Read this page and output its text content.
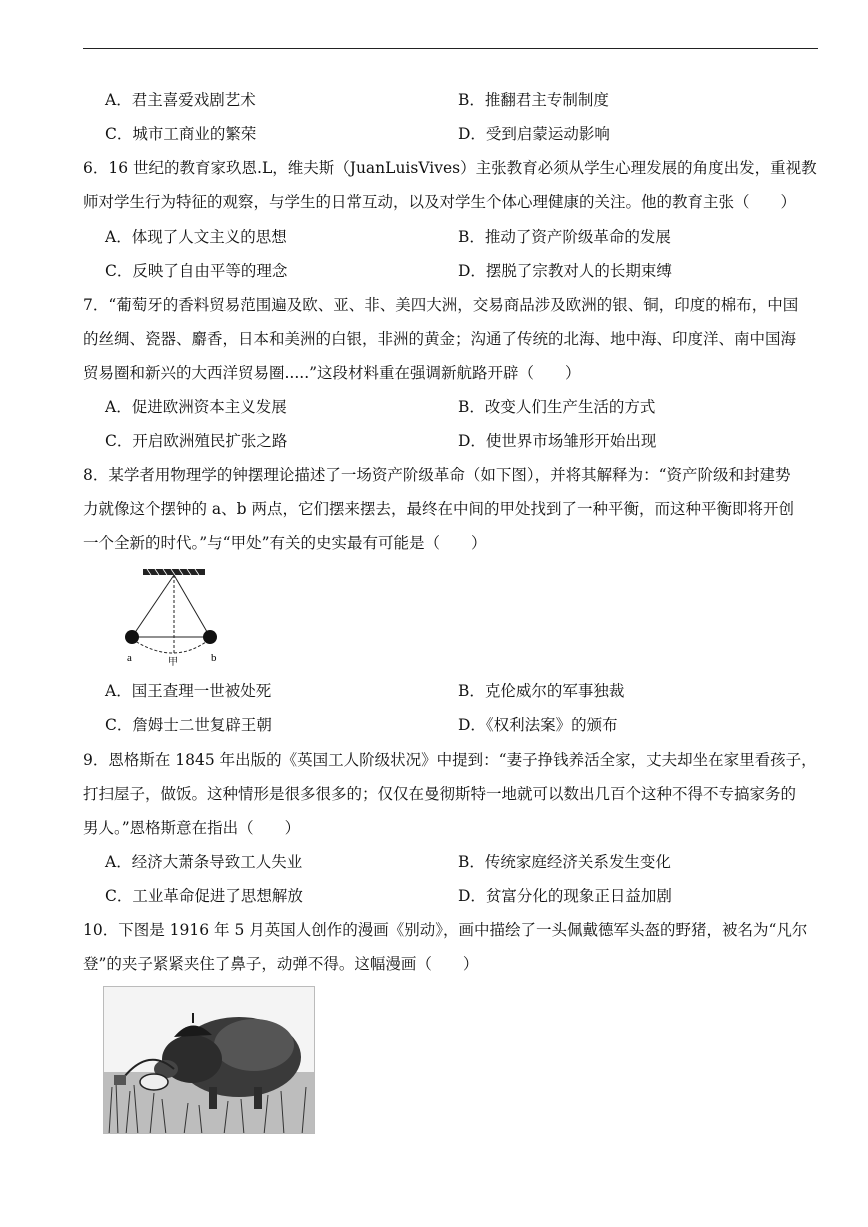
A．君主喜爱戏剧艺术	B．推翻君主专制制度
C．城市工商业的繁荣	D．受到启蒙运动影响
6．16 世纪的教育家玖恩.L，维夫斯（JuanLuisVives）主张教育必须从学生心理发展的角度出发，重视教
师对学生行为特征的观察，与学生的日常互动，以及对学生个体心理健康的关注。他的教育主张（　　）
A．体现了人文主义的思想	B．推动了资产阶级革命的发展
C．反映了自由平等的理念	D．摆脱了宗教对人的长期束缚
7．“葡萄牙的香料贸易范围遍及欧、亚、非、美四大洲，交易商品涉及欧洲的银、铜，印度的棉布，中国
的丝绸、瓷器、麝香，日本和美洲的白银，非洲的黄金；沟通了传统的北海、地中海、印度洋、南中国海
贸易圈和新兴的大西洋贸易圈.....”这段材料重在强调新航路开辟（　　）
A．促进欧洲资本主义发展	B．改变人们生产生活的方式
C．开启欧洲殖民扩张之路	D．使世界市场雏形开始出现
8．某学者用物理学的钟摆理论描述了一场资产阶级革命（如下图），并将其解释为：“资产阶级和封建势
力就像这个摆钟的 a、b 两点，它们摆来摆去，最终在中间的甲处找到了一种平衡，而这种平衡即将开创
一个全新的时代。”与“甲处”有关的史实最有可能是（　　）
a	b
甲
A．国王查理一世被处死	B．克伦威尔的军事独裁
C．詹姆士二世复辟王朝	D．《权利法案》的颁布
9．恩格斯在 1845 年出版的《英国工人阶级状况》中提到：“妻子挣钱养活全家，丈夫却坐在家里看孩子，
打扫屋子，做饭。这种情形是很多很多的；仅仅在曼彻斯特一地就可以数出几百个这种不得不专搞家务的
男人。”恩格斯意在指出（　　）
A．经济大萧条导致工人失业	B．传统家庭经济关系发生变化
C．工业革命促进了思想解放	D．贫富分化的现象正日益加剧
10．下图是 1916 年 5 月英国人创作的漫画《别动》，画中描绘了一头佩戴德军头盔的野猪，被名为“凡尔
登”的夹子紧紧夹住了鼻子，动弹不得。这幅漫画（　　）
